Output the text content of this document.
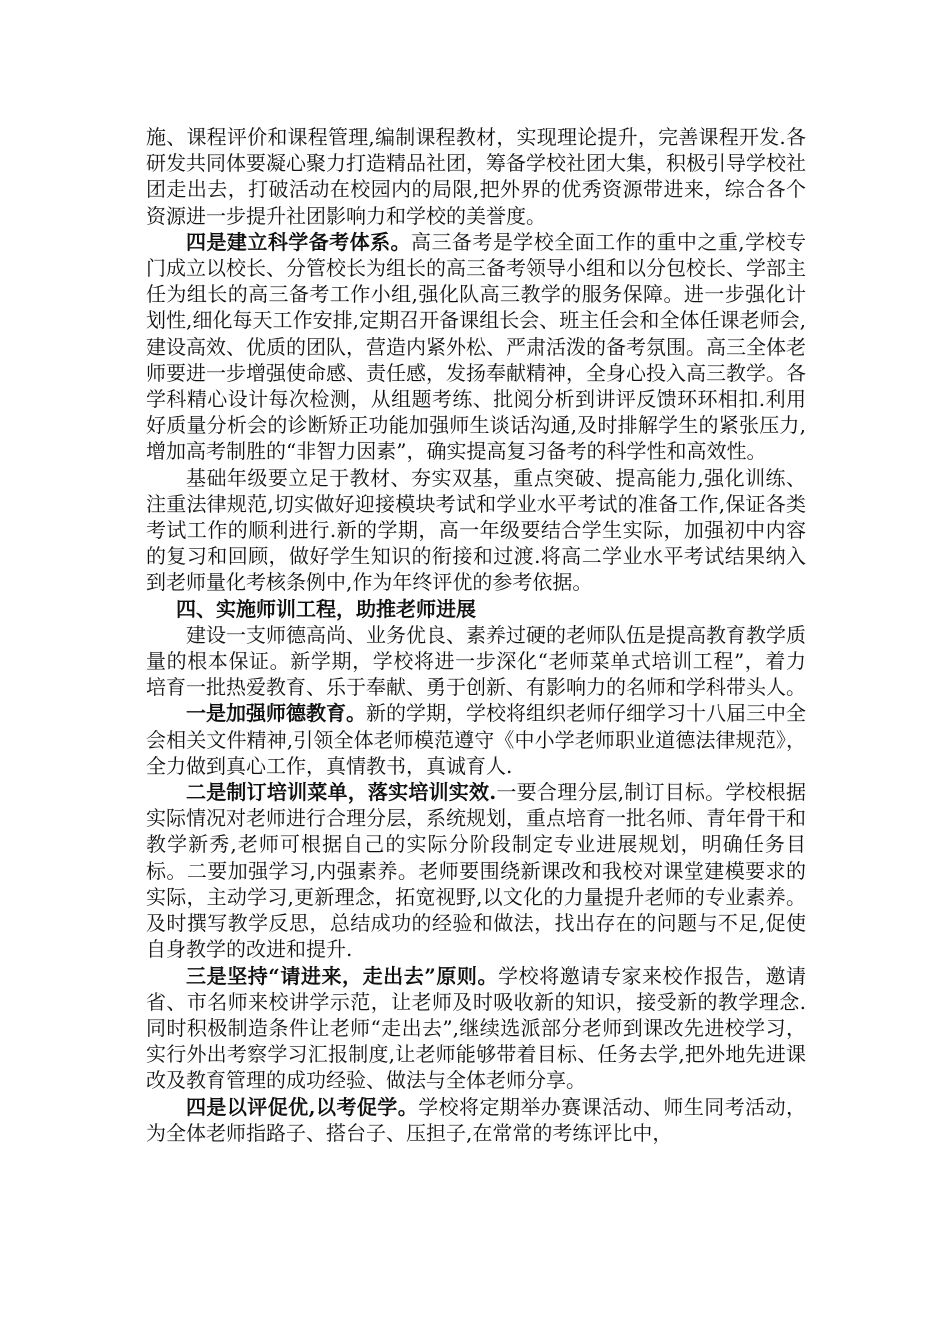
施、课程评价和课程管理,编制课程教材，实现理论提升，完善课程开发.各研发共同体要凝心聚力打造精品社团，筹备学校社团大集，积极引导学校社团走出去，打破活动在校园内的局限,把外界的优秀资源带进来，综合各个资源进一步提升社团影响力和学校的美誉度。

四是建立科学备考体系。高三备考是学校全面工作的重中之重,学校专门成立以校长、分管校长为组长的高三备考领导小组和以分包校长、学部主任为组长的高三备考工作小组,强化队高三教学的服务保障。进一步强化计划性,细化每天工作安排,定期召开备课组长会、班主任会和全体任课老师会,建设高效、优质的团队，营造内紧外松、严肃活泼的备考氛围。高三全体老师要进一步增强使命感、责任感，发扬奉献精神，全身心投入高三教学。各学科精心设计每次检测，从组题考练、批阅分析到讲评反馈环环相扣.利用好质量分析会的诊断矫正功能加强师生谈话沟通,及时排解学生的紧张压力,增加高考制胜的“非智力因素”，确实提高复习备考的科学性和高效性。

基础年级要立足于教材、夯实双基，重点突破、提高能力,强化训练、注重法律规范,切实做好迎接模块考试和学业水平考试的准备工作,保证各类考试工作的顺利进行.新的学期，高一年级要结合学生实际，加强初中内容的复习和回顾，做好学生知识的衔接和过渡.将高二学业水平考试结果纳入到老师量化考核条例中,作为年终评优的参考依据。

四、实施师训工程，助推老师进展

建设一支师德高尚、业务优良、素养过硬的老师队伍是提高教育教学质量的根本保证。新学期，学校将进一步深化“老师菜单式培训工程”，着力培育一批热爱教育、乐于奉献、勇于创新、有影响力的名师和学科带头人。

一是加强师德教育。新的学期，学校将组织老师仔细学习十八届三中全会相关文件精神,引领全体老师模范遵守《中小学老师职业道德法律规范》，全力做到真心工作，真情教书，真诚育人.

二是制订培训菜单，落实培训实效.一要合理分层,制订目标。学校根据实际情况对老师进行合理分层，系统规划，重点培育一批名师、青年骨干和教学新秀,老师可根据自己的实际分阶段制定专业进展规划，明确任务目标。二要加强学习,内强素养。老师要围绕新课改和我校对课堂建模要求的实际，主动学习,更新理念，拓宽视野,以文化的力量提升老师的专业素养。及时撰写教学反思，总结成功的经验和做法，找出存在的问题与不足,促使自身教学的改进和提升.

三是坚持“请进来，走出去”原则。学校将邀请专家来校作报告，邀请省、市名师来校讲学示范，让老师及时吸收新的知识，接受新的教学理念.同时积极制造条件让老师“走出去”,继续选派部分老师到课改先进校学习，实行外出考察学习汇报制度,让老师能够带着目标、任务去学,把外地先进课改及教育管理的成功经验、做法与全体老师分享。

四是以评促优,以考促学。学校将定期举办赛课活动、师生同考活动，为全体老师指路子、搭台子、压担子,在常常的考练评比中，
